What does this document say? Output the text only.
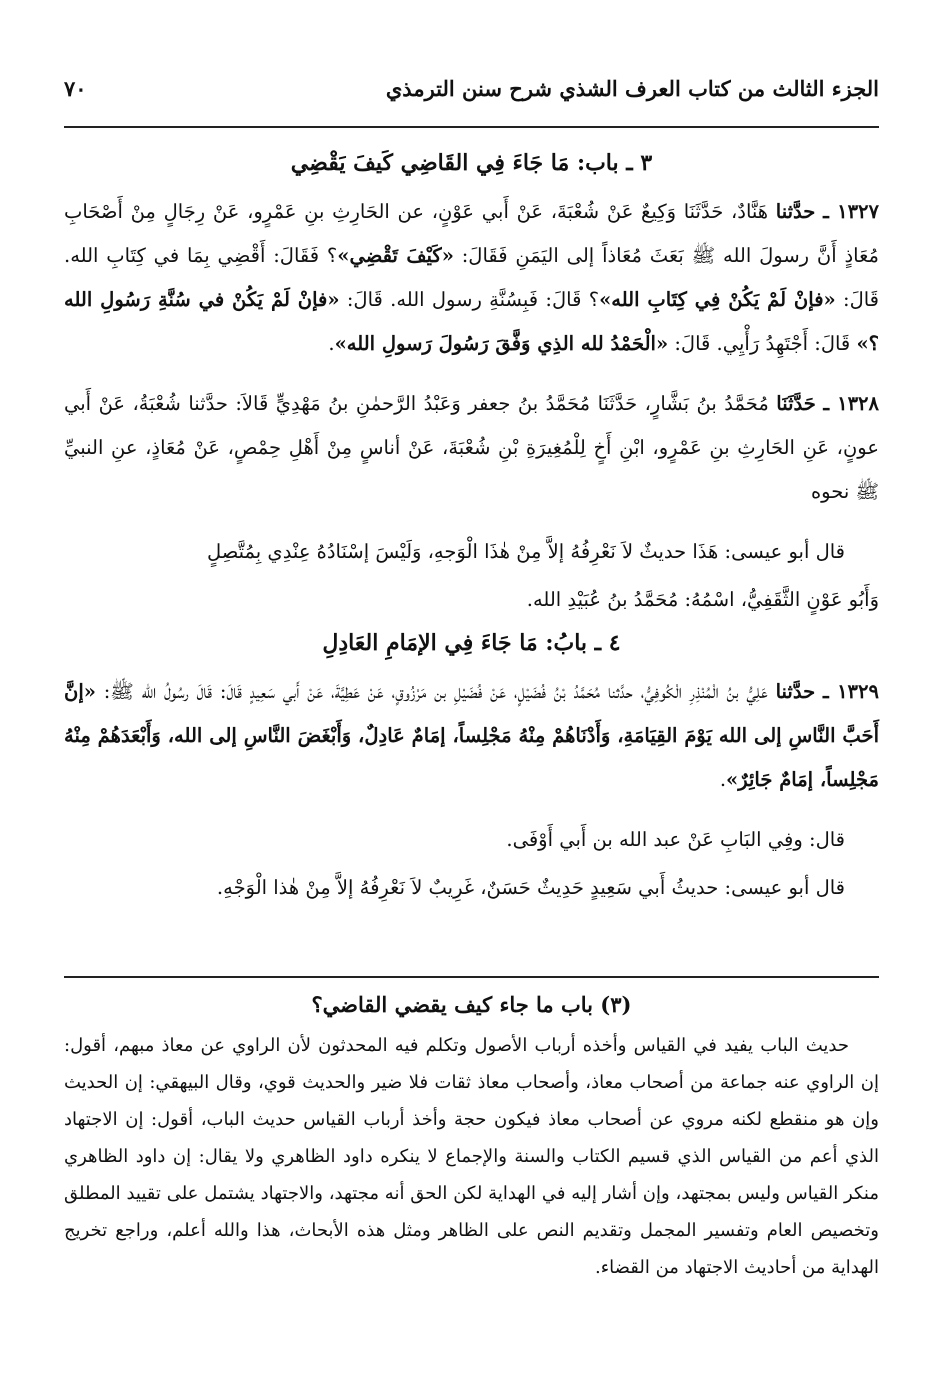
الجزء الثالث من كتاب العرف الشذي شرح سنن الترمذي
٧٠
٣ ـ باب: مَا جَاءَ فِي القَاضِي كَيفَ يَقْضِي

١٣٢٧ ـ حدَّثنا هَنَّادٌ، حَدَّثَنَا وَكِيعٌ عَنْ شُعْبَةَ، عَنْ أَبي عَوْنٍ، عن الحَارِثِ بنِ عَمْرٍو، عَنْ رِجَالٍ مِنْ أَصْحَابِ مُعَاذٍ أَنَّ رسولَ الله ﷺ بَعَثَ مُعَاذاً إلى اليَمَنِ فَقَالَ: «كَيْفَ تَقْضِي»؟ فَقَالَ: أَقْضِي بِمَا في كِتَابِ الله. قَالَ: «فإنْ لَمْ يَكُنْ فِي كِتَابِ الله»؟ قَالَ: فَبِسُنَّةِ رسول الله. قَالَ: «فإنْ لَمْ يَكُنْ في سُنَّةِ رَسُولِ الله ؟» قَالَ: أَجْتَهِدُ رَأْيِي. قَالَ: «الْحَمْدُ لله الذِي وَفَّقَ رَسُولَ رَسولِ الله».

١٣٢٨ ـ حَدَّثَنَا مُحَمَّدُ بنُ بَشَّارٍ، حَدَّثَنَا مُحَمَّدُ بنُ جعفر وَعَبْدُ الرَّحمٰنِ بنُ مَهْدِيٍّ قَالاَ: حدَّثنا شُعْبَةُ، عَنْ أَبي عونٍ، عَنِ الحَارِثِ بنِ عَمْرٍو، ابْنِ أَخٍ لِلْمُغِيرَةِ بْنِ شُعْبَةَ، عَنْ أناسٍ مِنْ أَهْلِ حِمْصٍ، عَنْ مُعَاذٍ، عنِ النبيِّ ﷺ نحوه

قال أبو عيسى: هَذَا حديثٌ لاَ نَعْرِفُهُ إلاَّ مِنْ هٰذَا الْوَجهِ، وَلَيْسَ إسْنَادُهُ عِنْدِي بِمُتَّصِلٍ

وَأَبُو عَوْنٍ الثَّقَفِيُّ، اسْمُهُ: مُحَمَّدُ بنُ عُبَيْدِ الله.

٤ ـ بابُ: مَا جَاءَ فِي الإمَامِ العَادِلِ

١٣٢٩ ـ حدَّثنا عَلِيُّ بنُ الْمُنْذِرِ الْكُوفِيُّ، حدَّثنا مُحَمَّدُ بْنُ فُضَيْلٍ، عَنْ فُضَيْلِ بن مَرْزُوقٍ، عَنْ عَطِيَّةَ، عَنْ أَبي سَعِيدٍ قَالَ: قَالَ رسُولُ الله ﷺ: «إنَّ أَحَبَّ النَّاسِ إلى الله يَوْمَ القِيَامَةِ، وَأَدْنَاهُمْ مِنْهُ مَجْلِساً، إمَامٌ عَادِلٌ، وَأَبْغَضَ النَّاسِ إلى الله، وَأَبْعَدَهُمْ مِنْهُ مَجْلِساً، إمَامٌ جَائِرٌ».

قال: وفِي البَابِ عَنْ عبد الله بن أَبي أَوْفَى.

قال أبو عيسى: حديثُ أَبي سَعِيدٍ حَدِيثٌ حَسَنٌ، غَرِيبٌ لاَ نَعْرِفُهُ إلاَّ مِنْ هٰذا الْوَجْهِ.

(٣) باب ما جاء كيف يقضي القاضي؟

حديث الباب يفيد في القياس وأخذه أرباب الأصول وتكلم فيه المحدثون لأن الراوي عن معاذ مبهم، أقول: إن الراوي عنه جماعة من أصحاب معاذ، وأصحاب معاذ ثقات فلا ضير والحديث قوي، وقال البيهقي: إن الحديث وإن هو منقطع لكنه مروي عن أصحاب معاذ فيكون حجة وأخذ أرباب القياس حديث الباب، أقول: إن الاجتهاد الذي أعم من القياس الذي قسيم الكتاب والسنة والإجماع لا ينكره داود الظاهري ولا يقال: إن داود الظاهري منكر القياس وليس بمجتهد، وإن أشار إليه في الهداية لكن الحق أنه مجتهد، والاجتهاد يشتمل على تقييد المطلق وتخصيص العام وتفسير المجمل وتقديم النص على الظاهر ومثل هذه الأبحاث، هذا والله أعلم، وراجع تخريج الهداية من أحاديث الاجتهاد من القضاء.
